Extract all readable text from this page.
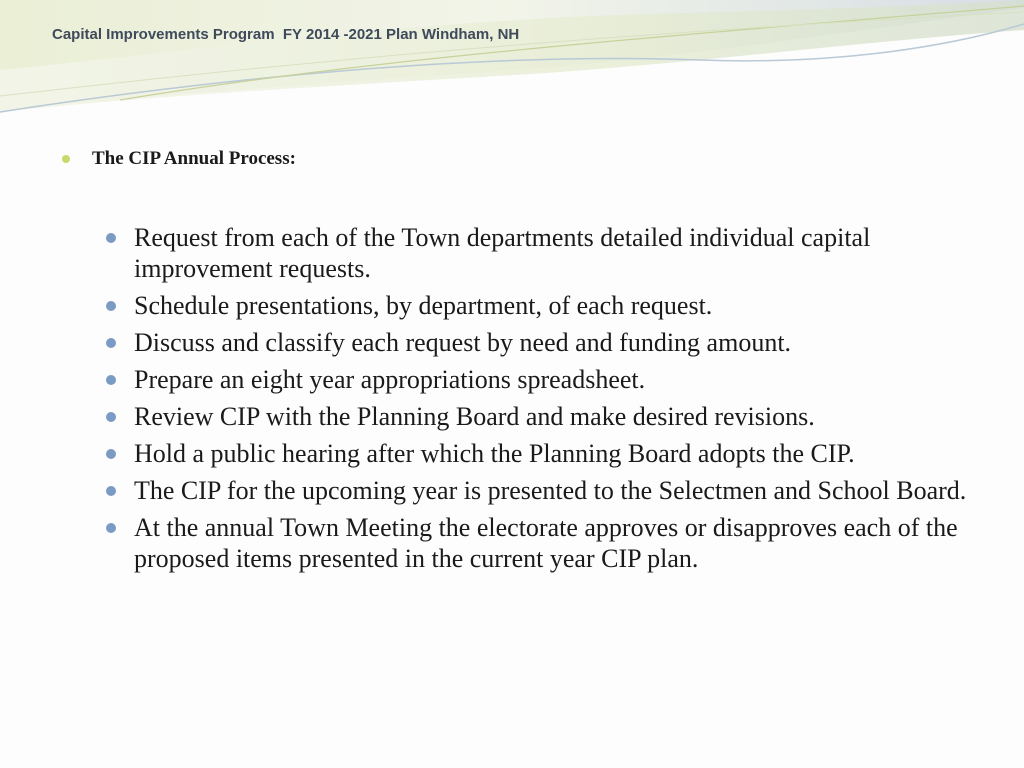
Capital Improvements Program  FY 2014 -2021 Plan Windham, NH
The CIP Annual Process:
Request from each of the Town departments detailed individual capital improvement requests.
Schedule presentations, by department, of each request.
Discuss and classify each request by need and funding amount.
Prepare an eight year appropriations spreadsheet.
Review CIP with the Planning Board and make desired revisions.
Hold a public hearing after which the Planning Board adopts the CIP.
The CIP for the upcoming year is presented to the Selectmen and School Board.
At the annual Town Meeting the electorate approves or disapproves each of the proposed items presented in the current year CIP plan.
